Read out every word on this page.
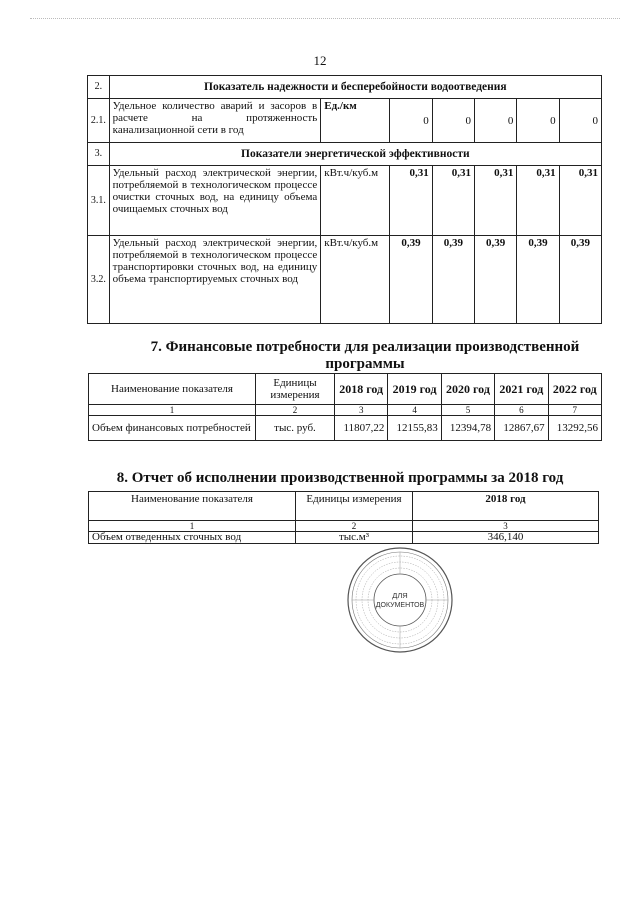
12
2.	Показатель надежности и бесперебойности водоотведения						
2.1.	Удельное количество аварий и засоров в расчете на протяженность канализационной сети в год	Ед./км	0	0	0	0	0
3.	Показатели энергетической эффективности						
3.1.	Удельный расход электрической энергии, потребляемой в технологическом процессе очистки сточных вод, на единицу объема очищаемых сточных вод	кВт.ч/куб.м	0,31	0,31	0,31	0,31	0,31
3.2.	Удельный расход электрической энергии, потребляемой в технологическом процессе транспортировки сточных вод, на единицу объема транспортируемых сточных вод	кВт.ч/куб.м	0,39	0,39	0,39	0,39	0,39
7. Финансовые потребности для реализации производственной программы
Наименование показателя	Единицы измерения	2018 год	2019 год	2020 год	2021 год	2022 год
1	2	3	4	5	6	7
Объем финансовых потребностей	тыс. руб.	11807,22	12155,83	12394,78	12867,67	13292,56
8. Отчет об исполнении производственной программы за 2018 год
Наименование показателя	Единицы измерения	2018 год
1	2	3
Объем отведенных сточных вод	тыс.м³	346,140
ДЛЯ
ДОКУМЕНТОВ
